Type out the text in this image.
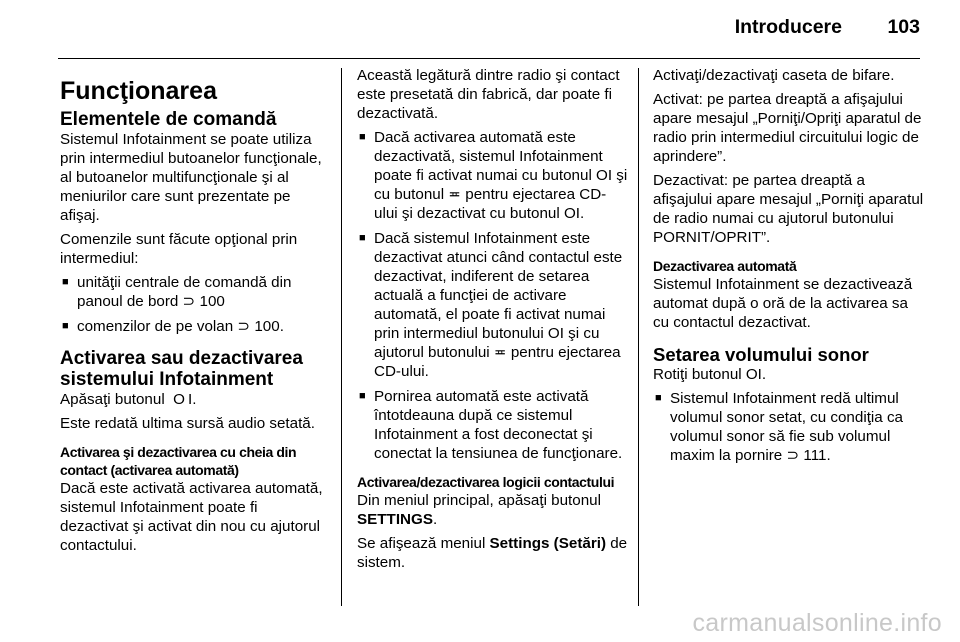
Introducere 103
Funcţionarea
Elementele de comandă

Sistemul Infotainment se poate utiliza prin intermediul butoanelor funcţionale, al butoanelor multifuncţionale şi al meniurilor care sunt prezentate pe afişaj.

Comenzile sunt făcute opţional prin intermediul:

■ unităţii centrale de comandă din panoul de bord ⊃ 100
■ comenzilor de pe volan ⊃ 100.
Activarea sau dezactivarea sistemului Infotainment

Apăsaţi butonul  O I.

Este redată ultima sursă audio setată.

Activarea şi dezactivarea cu cheia din contact (activarea automată)

Dacă este activată activarea automată, sistemul Infotainment poate fi dezactivat şi activat din nou cu ajutorul contactului.

Această legătură dintre radio şi contact este presetată din fabrică, dar poate fi dezactivată.

■ Dacă activarea automată este dezactivată, sistemul Infotainment poate fi activat numai cu butonul OI şi cu butonul ≖ pentru ejectarea CD-ului şi dezactivat cu butonul OI.
■ Dacă sistemul Infotainment este dezactivat atunci când contactul este dezactivat, indiferent de setarea actuală a funcţiei de activare automată, el poate fi activat numai prin intermediul butonului OI şi cu ajutorul butonului ≖ pentru ejectarea CD-ului.
■ Pornirea automată este activată întotdeauna după ce sistemul Infotainment a fost deconectat şi conectat la tensiunea de funcţionare.
Activarea/dezactivarea logicii contactului

Din meniul principal, apăsaţi butonul SETTINGS.

Se afişează meniul Settings (Setări) de sistem.

Activaţi/dezactivaţi caseta de bifare.

Activat: pe partea dreaptă a afişajului apare mesajul „Porniţi/Opriţi aparatul de radio prin intermediul circuitului logic de aprindere”.

Dezactivat: pe partea dreaptă a afişajului apare mesajul „Porniţi aparatul de radio numai cu ajutorul butonului PORNIT/OPRIT”.

Dezactivarea automată

Sistemul Infotainment se dezactivează automat după o oră de la activarea sa cu contactul dezactivat.

Setarea volumului sonor

Rotiţi butonul OI.

■ Sistemul Infotainment redă ultimul volumul sonor setat, cu condiţia ca volumul sonor să fie sub volumul maxim la pornire ⊃ 111.
carmanualsonline.info
